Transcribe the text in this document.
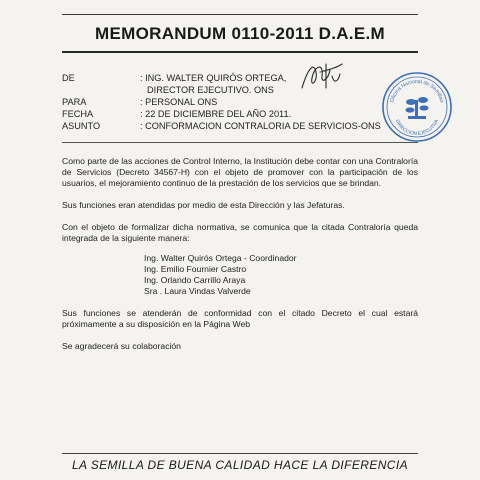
MEMORANDUM 0110-2011 D.A.E.M
DE	: ING. WALTER QUIRÓS ORTEGA,
DIRECTOR EJECUTIVO. ONS
PARA	: PERSONAL ONS
FECHA	: 22 DE DICIEMBRE DEL AÑO 2011.
ASUNTO	: CONFORMACION CONTRALORIA DE SERVICIOS-ONS
Oficina Nacional de Semillas
DIRECCION EJECUTIVA

Como parte de las acciones de Control Interno, la Institución debe contar con una Contraloría de Servicios (Decreto 34567-H) con el objeto de promover con la participación de los usuarios, el mejoramiento continuo de la prestación de los servicios que se brindan.

Sus funciones eran atendidas por medio de esta Dirección y las Jefaturas.

Con el objeto de formalizar dicha normativa, se comunica que la citada Contraloría queda integrada de la siguiente manera:

Ing. Walter Quirós Ortega - Coordinador
Ing. Emilio Fournier Castro
Ing. Orlando Carrillo Araya
Sra . Laura Vindas Valverde

Sus funciones se atenderán de conformidad con el citado Decreto el cual estará próximamente a su disposición en la Página Web

Se agradecerá su colaboración

LA SEMILLA DE BUENA CALIDAD HACE LA DIFERENCIA
